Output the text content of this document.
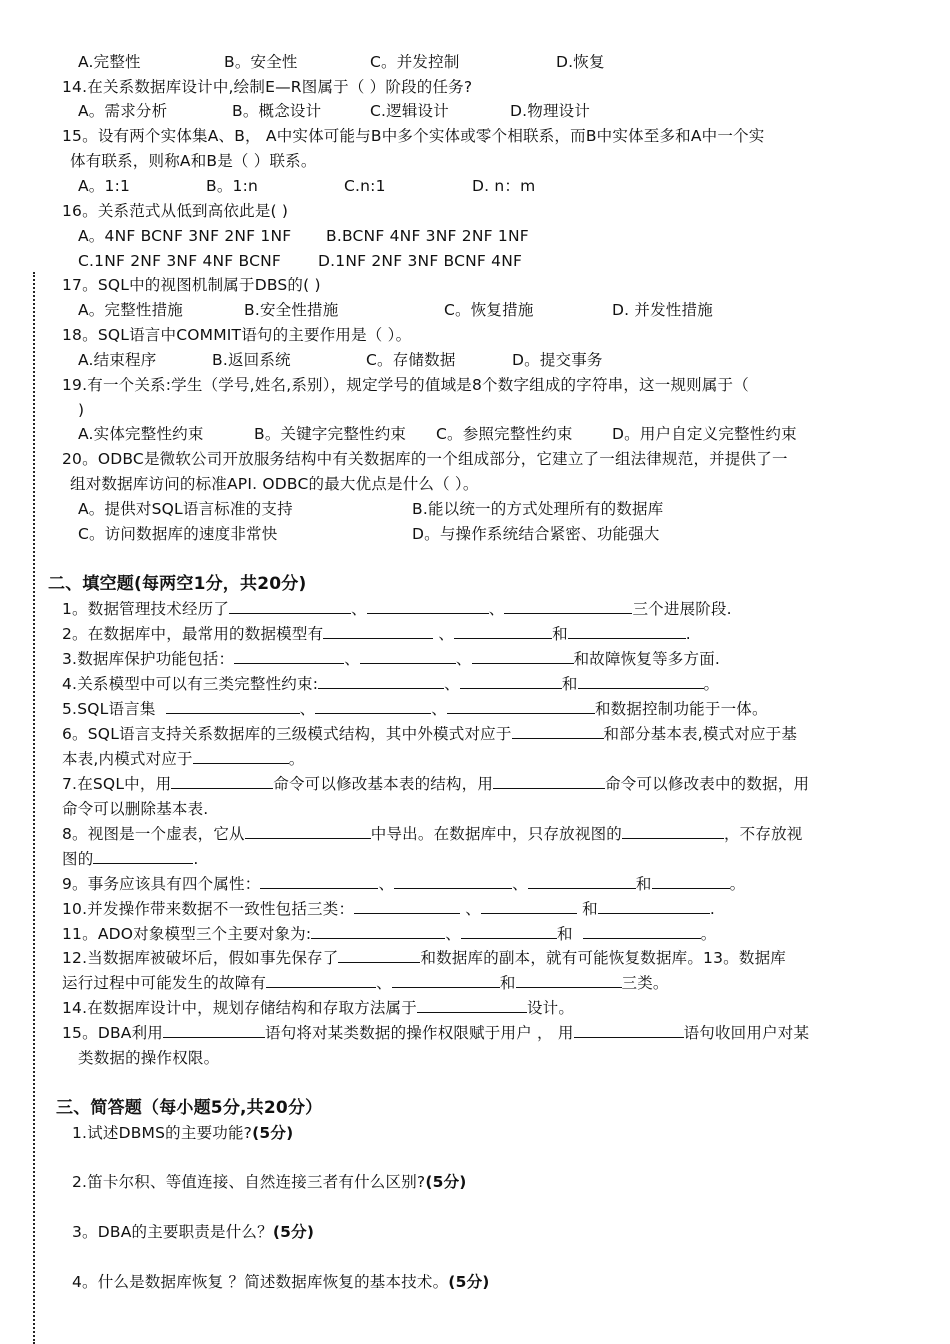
A.完整性	B。安全性	C。并发控制	D.恢复
14.在关系数据库设计中,绘制E—R图属于（ ）阶段的任务?
A。需求分析	B。概念设计	C.逻辑设计	D.物理设计
15。设有两个实体集A、B， A中实体可能与B中多个实体或零个相联系，而B中实体至多和A中一个实
体有联系，则称A和B是（ ）联系。
A。1:1	B。1:n	C.n:1	D. n：m
16。关系范式从低到高依此是( )
A。4NF BCNF 3NF 2NF 1NF B.BCNF 4NF 3NF 2NF 1NF
C.1NF 2NF 3NF 4NF BCNF D.1NF 2NF 3NF BCNF 4NF
17。SQL中的视图机制属于DBS的( )
A。完整性措施	B.安全性措施	C。恢复措施	D. 并发性措施
18。SQL语言中COMMIT语句的主要作用是（ ）。
A.结束程序	B.返回系统	C。存储数据	D。提交事务
19.有一个关系:学生（学号,姓名,系别），规定学号的值域是8个数字组成的字符串，这一规则属于（
)
A.实体完整性约束	B。关键字完整性约束 C。参照完整性约束	D。用户自定义完整性约束
20。ODBC是微软公司开放服务结构中有关数据库的一个组成部分，它建立了一组法律规范，并提供了一
组对数据库访问的标准API. ODBC的最大优点是什么（ ）。
A。提供对SQL语言标准的支持	B.能以统一的方式处理所有的数据库
C。访问数据库的速度非常快	D。与操作系统结合紧密、功能强大
二、填空题(每两空1分，共20分)
1。数据管理技术经历了	、	、	三个进展阶段.
2。在数据库中，最常用的数据模型有	、	和	.
3.数据库保护功能包括：	、	、	和故障恢复等多方面.
4.关系模型中可以有三类完整性约束:	、	和	。
5.SQL语言集	、	、	和数据控制功能于一体。
6。SQL语言支持关系数据库的三级模式结构，其中外模式对应于	和部分基本表,模式对应于基
本表,内模式对应于	。
7.在SQL中，用	命令可以修改基本表的结构，用	命令可以修改表中的数据，用
命令可以删除基本表.
8。视图是一个虚表，它从	中导出。在数据库中，只存放视图的	，不存放视
图的	.
9。事务应该具有四个属性：	、	、	和	。
10.并发操作带来数据不一致性包括三类：	、	和	.
11。ADO对象模型三个主要对象为:	、	和	。
12.当数据库被破坏后，假如事先保存了	和数据库的副本，就有可能恢复数据库。13。数据库
运行过程中可能发生的故障有	、	和	三类。
14.在数据库设计中，规划存储结构和存取方法属于	设计。
15。DBA利用	语句将对某类数据的操作权限赋于用户 ， 用	语句收回用户对某
类数据的操作权限。
三、简答题（每小题5分,共20分）
1.试述DBMS的主要功能?(5分)
2.笛卡尔积、等值连接、自然连接三者有什么区别?(5分)
3。DBA的主要职责是什么？(5分)
4。什么是数据库恢复 ？简述数据库恢复的基本技术。(5分)
